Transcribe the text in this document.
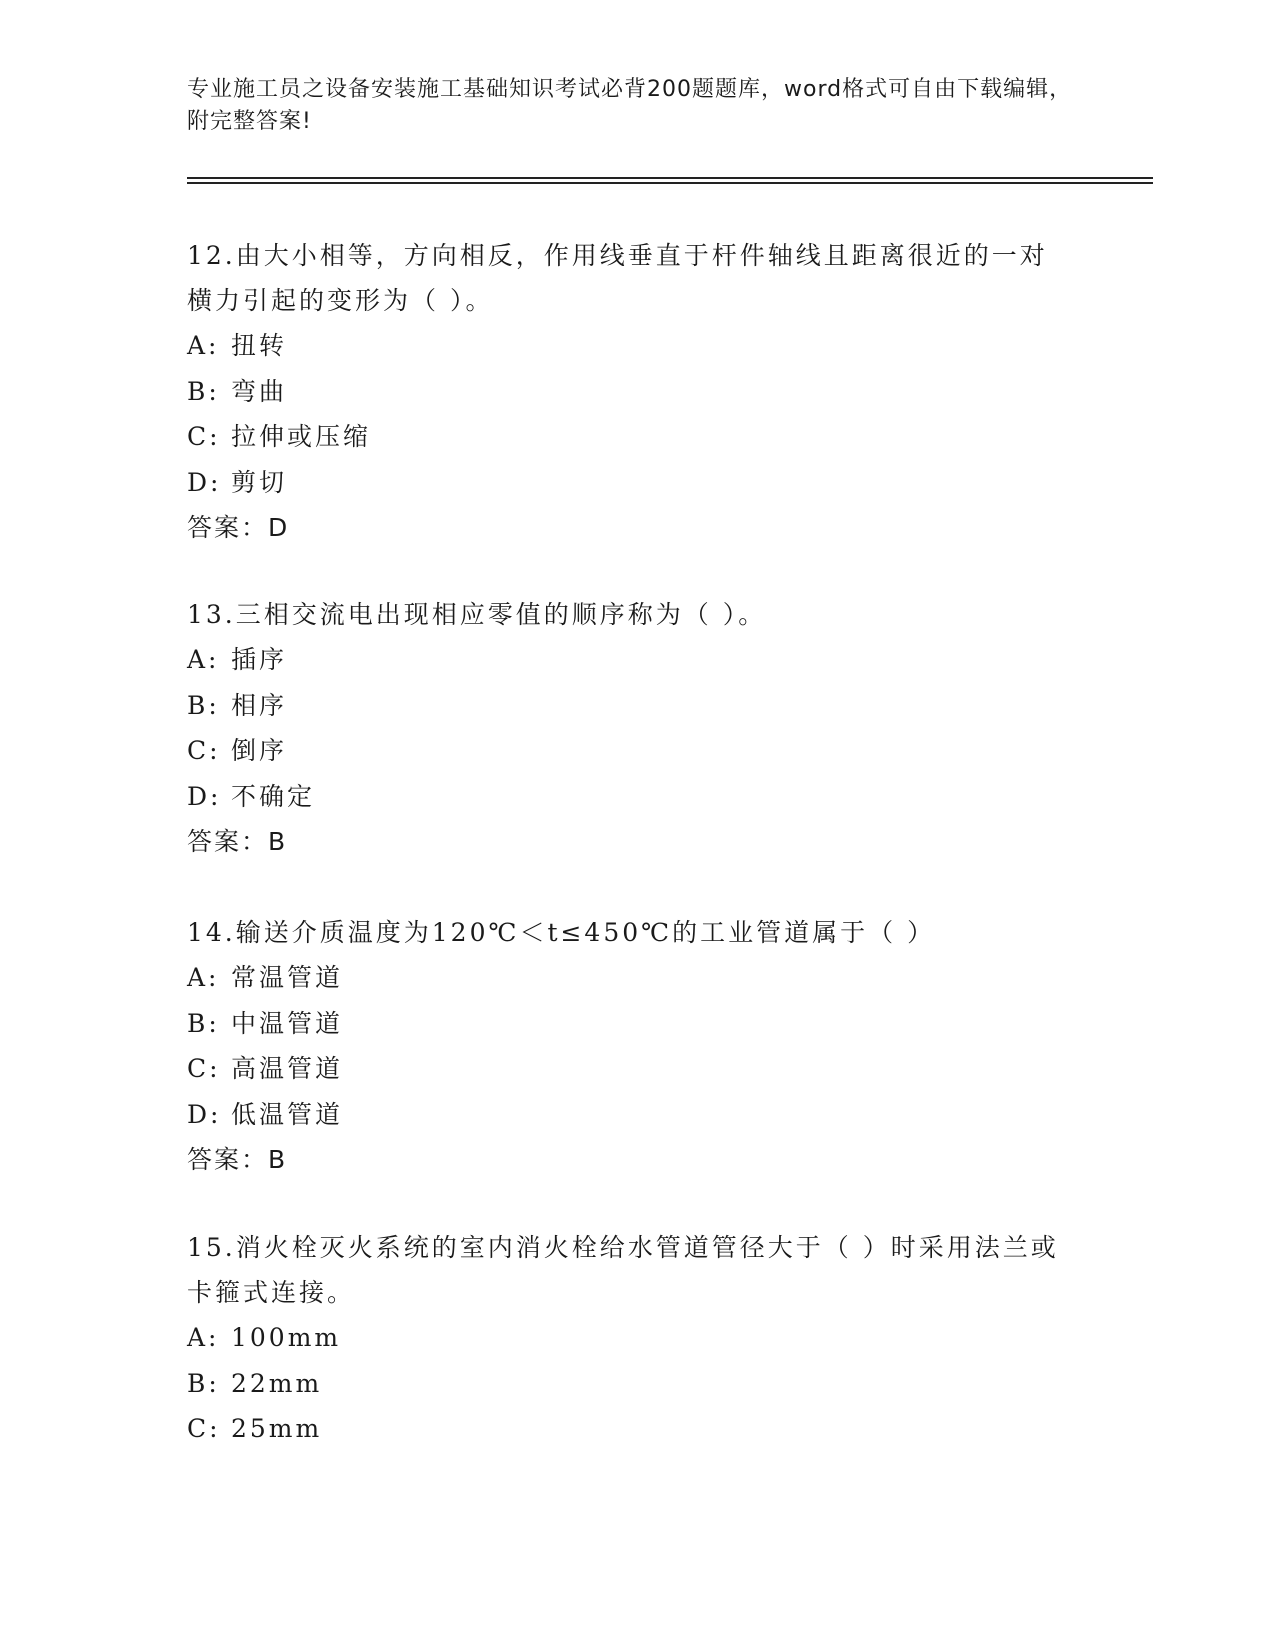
专业施工员之设备安装施工基础知识考试必背200题题库，word格式可自由下载编辑，附完整答案!
12.由大小相等，方向相反，作用线垂直于杆件轴线且距离很近的一对横力引起的变形为（ ）。
A: 扭转
B: 弯曲
C: 拉伸或压缩
D: 剪切
答案：D
13.三相交流电出现相应零值的顺序称为（ ）。
A: 插序
B: 相序
C: 倒序
D: 不确定
答案：B
14.输送介质温度为120℃＜t≤450℃的工业管道属于（ ）
A: 常温管道
B: 中温管道
C: 高温管道
D: 低温管道
答案：B
15.消火栓灭火系统的室内消火栓给水管道管径大于（ ）时采用法兰或卡箍式连接。
A: 100mm
B: 22mm
C: 25mm
